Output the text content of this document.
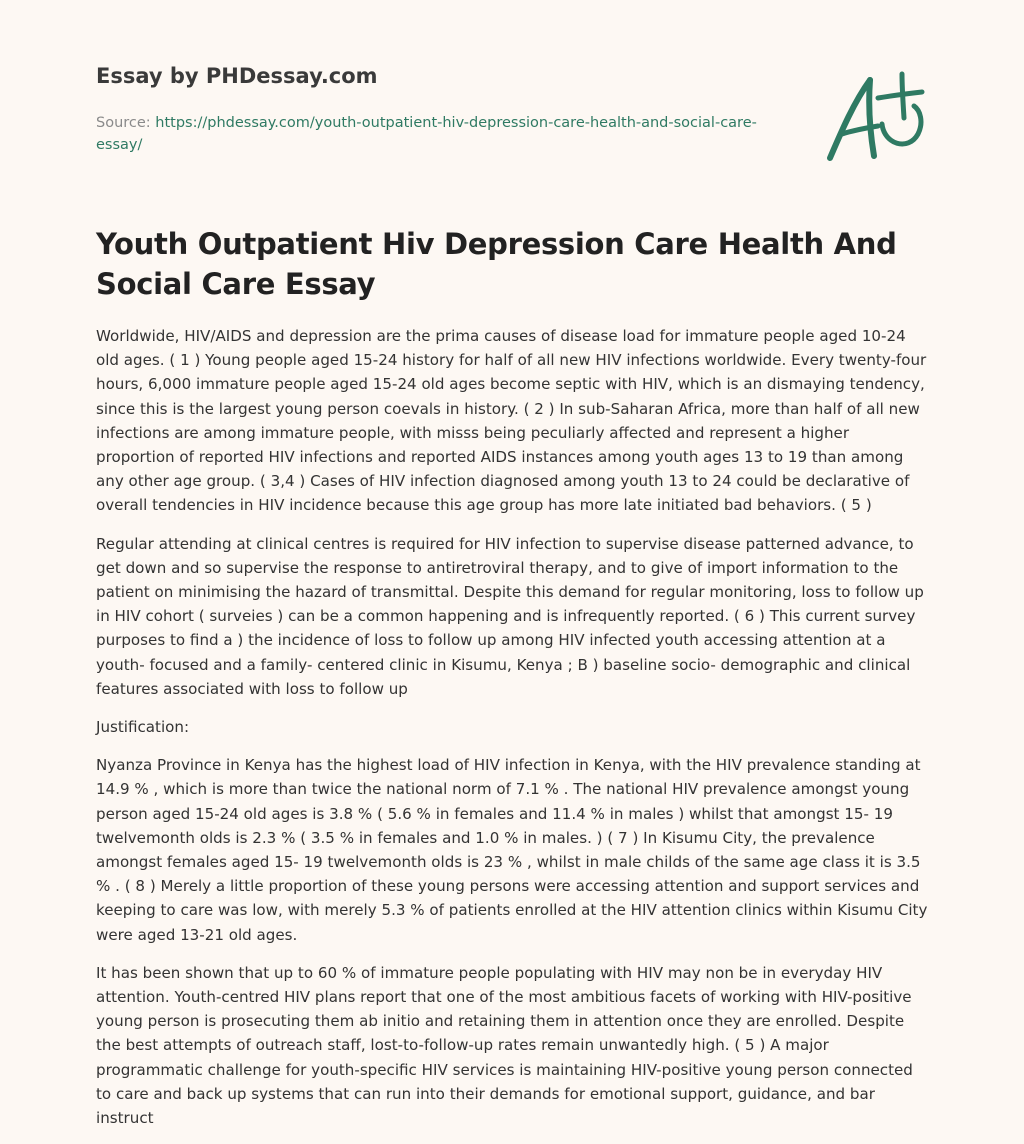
Essay by PHDessay.com
Source: https://phdessay.com/youth-outpatient-hiv-depression-care-health-and-social-care-essay/
Youth Outpatient Hiv Depression Care Health And Social Care Essay

Worldwide, HIV/AIDS and depression are the prima causes of disease load for immature people aged 10-24 old ages. ( 1 ) Young people aged 15-24 history for half of all new HIV infections worldwide. Every twenty-four hours, 6,000 immature people aged 15-24 old ages become septic with HIV, which is an dismaying tendency, since this is the largest young person coevals in history. ( 2 ) In sub-Saharan Africa, more than half of all new infections are among immature people, with misss being peculiarly affected and represent a higher proportion of reported HIV infections and reported AIDS instances among youth ages 13 to 19 than among any other age group. ( 3,4 ) Cases of HIV infection diagnosed among youth 13 to 24 could be declarative of overall tendencies in HIV incidence because this age group has more late initiated bad behaviors. ( 5 )

Regular attending at clinical centres is required for HIV infection to supervise disease patterned advance, to get down and so supervise the response to antiretroviral therapy, and to give of import information to the patient on minimising the hazard of transmittal. Despite this demand for regular monitoring, loss to follow up in HIV cohort ( surveies ) can be a common happening and is infrequently reported. ( 6 ) This current survey purposes to find a ) the incidence of loss to follow up among HIV infected youth accessing attention at a youth- focused and a family- centered clinic in Kisumu, Kenya ; B ) baseline socio- demographic and clinical features associated with loss to follow up

Justification:

Nyanza Province in Kenya has the highest load of HIV infection in Kenya, with the HIV prevalence standing at 14.9 % , which is more than twice the national norm of 7.1 % . The national HIV prevalence amongst young person aged 15-24 old ages is 3.8 % ( 5.6 % in females and 11.4 % in males ) whilst that amongst 15- 19 twelvemonth olds is 2.3 % ( 3.5 % in females and 1.0 % in males. ) ( 7 ) In Kisumu City, the prevalence amongst females aged 15- 19 twelvemonth olds is 23 % , whilst in male childs of the same age class it is 3.5 % . ( 8 ) Merely a little proportion of these young persons were accessing attention and support services and keeping to care was low, with merely 5.3 % of patients enrolled at the HIV attention clinics within Kisumu City were aged 13-21 old ages.

It has been shown that up to 60 % of immature people populating with HIV may non be in everyday HIV attention. Youth-centred HIV plans report that one of the most ambitious facets of working with HIV-positive young person is prosecuting them ab initio and retaining them in attention once they are enrolled. Despite the best attempts of outreach staff, lost-to-follow-up rates remain unwantedly high. ( 5 ) A major programmatic challenge for youth-specific HIV services is maintaining HIV-positive young person connected to care and back up systems that can run into their demands for emotional support, guidance, and bar instruct
